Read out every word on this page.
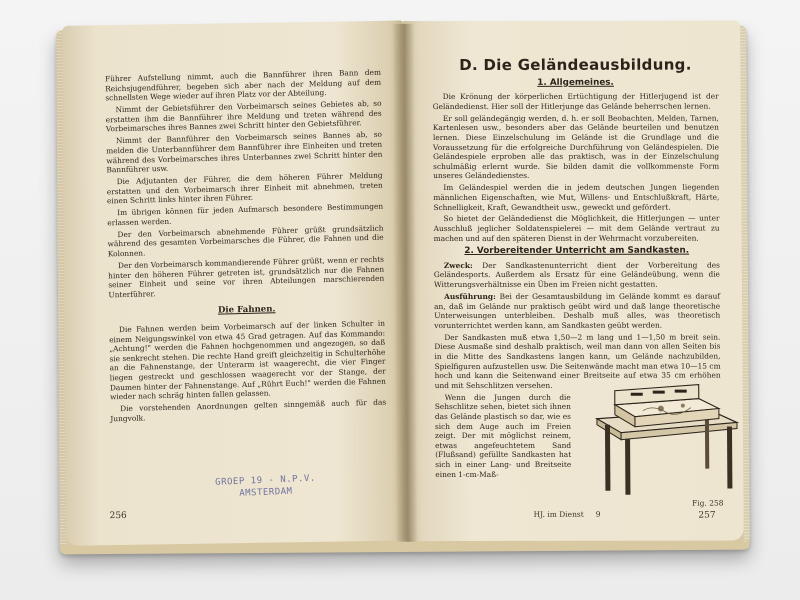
Führer Aufstellung nimmt, auch die Bannführer ihren Bann dem Reichsjugendführer, begeben sich aber nach der Meldung auf dem schnellsten Wege wieder auf ihren Platz vor der Abteilung.

Nimmt der Gebietsführer den Vorbeimarsch seines Gebietes ab, so erstatten ihm die Bannführer ihre Meldung und treten während des Vorbeimarsches ihres Bannes zwei Schritt hinter den Gebietsführer.

Nimmt der Bannführer den Vorbeimarsch seines Bannes ab, so melden die Unterbannführer dem Bannführer ihre Einheiten und treten während des Vorbeimarsches ihres Unterbannes zwei Schritt hinter den Bannführer usw.

Die Adjutanten der Führer, die dem höheren Führer Meldung erstatten und den Vorbeimarsch ihrer Einheit mit abnehmen, treten einen Schritt links hinter ihren Führer.

Im übrigen können für jeden Aufmarsch besondere Bestimmungen erlassen werden.

Der den Vorbeimarsch abnehmende Führer grüßt grundsätzlich während des gesamten Vorbeimarsches die Führer, die Fahnen und die Kolonnen.

Der den Vorbeimarsch kommandierende Führer grüßt, wenn er rechts hinter den höheren Führer getreten ist, grundsätzlich nur die Fahnen seiner Einheit und seine vor ihren Abteilungen marschierenden Unterführer.

Die Fahnen.

Die Fahnen werden beim Vorbeimarsch auf der linken Schulter in einem Neigungswinkel von etwa 45 Grad getragen. Auf das Kommando: „Achtung!" werden die Fahnen hochgenommen und angezogen, so daß sie senkrecht stehen. Die rechte Hand greift gleichzeitig in Schulterhöhe an die Fahnenstange, der Unterarm ist waagerecht, die vier Finger liegen gestreckt und geschlossen waagerecht vor der Stange, der Daumen hinter der Fahnenstange. Auf „Rührt Euch!" werden die Fahnen wieder nach schräg hinten fallen gelassen.

Die vorstehenden Anordnungen gelten sinngemäß auch für das Jungvolk.

GROEP 19 - N.P.V.
AMSTERDAM
256
D. Die Geländeausbildung.
1. Allgemeines.

Die Krönung der körperlichen Ertüchtigung der Hitlerjugend ist der Geländedienst. Hier soll der Hitlerjunge das Gelände beherrschen lernen.

Er soll geländegängig werden, d. h. er soll Beobachten, Melden, Tarnen, Kartenlesen usw., besonders aber das Gelände beurteilen und benutzen lernen. Diese Einzelschulung im Gelände ist die Grundlage und die Voraussetzung für die erfolgreiche Durchführung von Geländespielen. Die Geländespiele erproben alle das praktisch, was in der Einzelschulung schulmäßig erlernt wurde. Sie bilden damit die vollkommenste Form unseres Geländedienstes.

Im Geländespiel werden die in jedem deutschen Jungen liegenden männlichen Eigenschaften, wie Mut, Willens- und Entschlußkraft, Härte, Schnelligkeit, Kraft, Gewandtheit usw., geweckt und gefördert.

So bietet der Geländedienst die Möglichkeit, die Hitlerjungen — unter Ausschluß jeglicher Soldatenspielerei — mit dem Gelände vertraut zu machen und auf den späteren Dienst in der Wehrmacht vorzubereiten.

2. Vorbereitender Unterricht am Sandkasten.

Zweck: Der Sandkastenunterricht dient der Vorbereitung des Geländesports. Außerdem als Ersatz für eine Geländeübung, wenn die Witterungsverhältnisse ein Üben im Freien nicht gestatten.

Ausführung: Bei der Gesamtausbildung im Gelände kommt es darauf an, daß im Gelände nur praktisch geübt wird und daß lange theoretische Unterweisungen unterbleiben. Deshalb muß alles, was theoretisch vorunterrichtet werden kann, am Sandkasten geübt werden.

Der Sandkasten muß etwa 1,50—2 m lang und 1—1,50 m breit sein. Diese Ausmaße sind deshalb praktisch, weil man dann von allen Seiten bis in die Mitte des Sandkastens langen kann, um Gelände nachzubilden, Spielfiguren aufzustellen usw. Die Seitenwände macht man etwa 10—15 cm hoch und kann die Seitenwand einer Breitseite auf etwa 35 cm erhöhen und mit Sehschlitzen versehen.

Wenn die Jungen durch die Sehschlitze sehen, bietet sich ihnen das Gelände plastisch so dar, wie es sich dem Auge auch im Freien zeigt. Der mit möglichst reinem, etwas angefeuchtetem Sand (Flußsand) gefüllte Sandkasten hat sich in einer Lang- und Breitseite einen 1-cm-Maß-

Fig. 258
HJ. im Dienst 9	257
